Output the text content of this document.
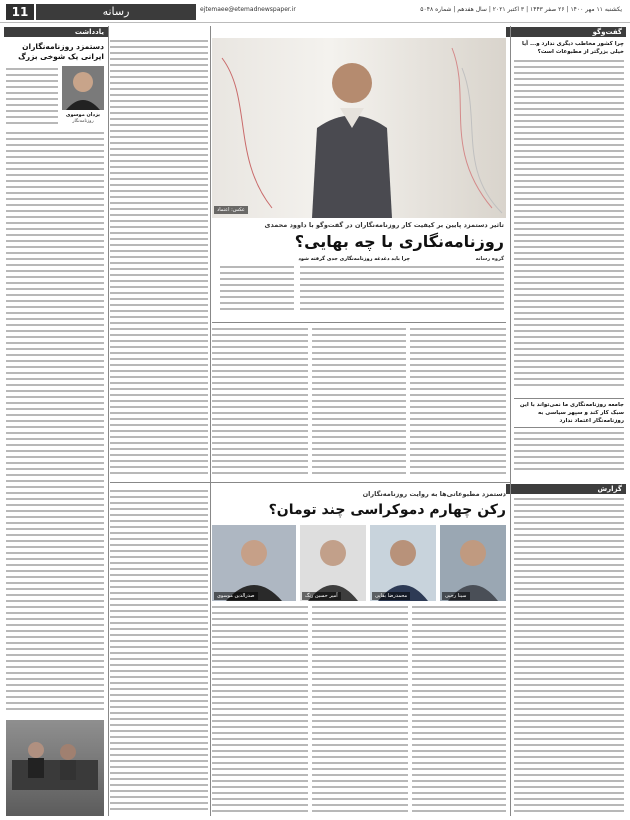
11	رسانه	ejtemaee@etemadnewspaper.ir	یکشنبه ۱۱ مهر ۱۴۰۰ | ۲۶ صفر ۱۴۴۳ | ۳ اکتبر ۲۰۲۱ | سال هفدهم | شماره ۵۰۴۸
گفت‌وگو
چرا کشور مخاطب دیگری ندارد و... آیا خیلی بزرگتر از مطبوعات است؟
جامعه روزنامه‌نگاری ما نمی‌تواند با این سبک کار کند و سپهر سیاسی به روزنامه‌نگار اعتماد ندارد
عکس: اعتماد
تاثیر دستمزد پایین بر کیفیت کار روزنامه‌نگاران در گفت‌وگو با داوود محمدی
روزنامه‌نگاری با چه بهایی؟
گروه رسانه
چرا باید دغدغه روزنامه‌نگاری جدی گرفته شود
یادداشت
دستمزد روزنامه‌نگاران ایرانی یک شوخی بزرگ
یزدان موسوی
روزنامه‌نگار
گزارش
دستمزد مطبوعاتی‌ها به روایت روزنامه‌نگاران
رکن چهارم دموکراسی چند تومان؟
سینا رجبی
محمدرضا بقایی
آمیر حسین رنگ
صدرالدین موسوی
